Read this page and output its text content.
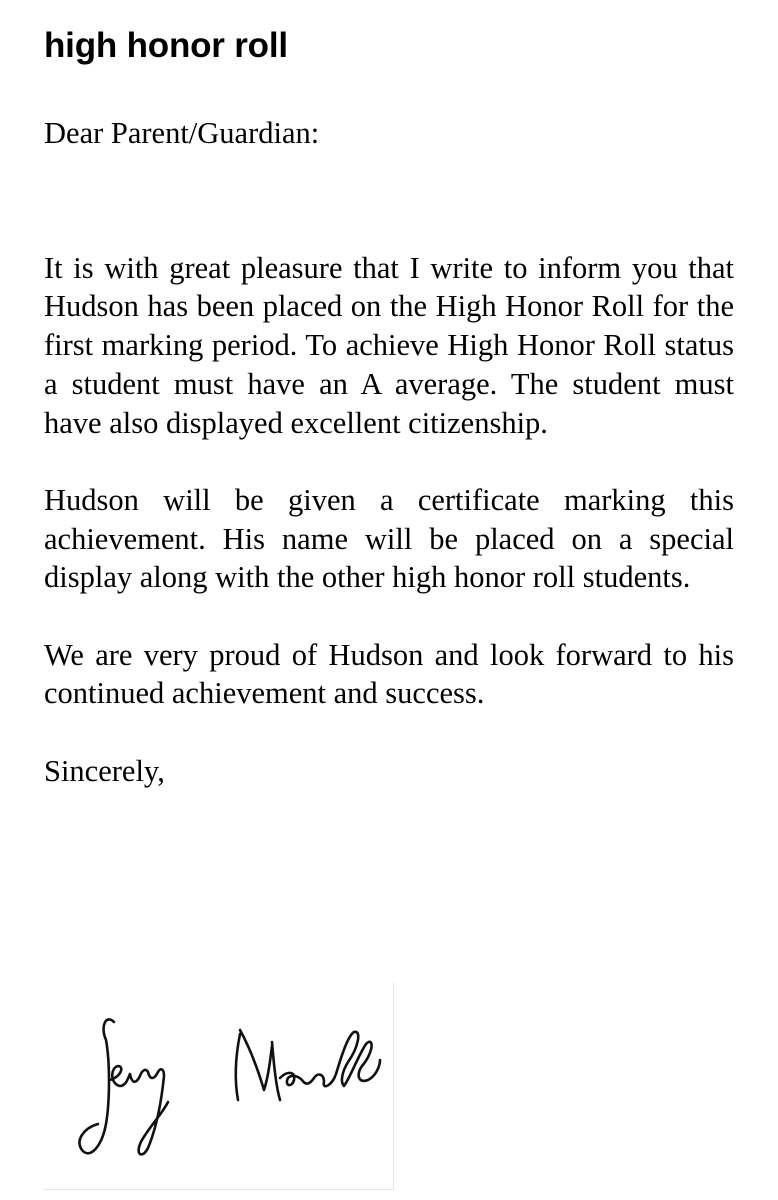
high honor roll

Dear Parent/Guardian:

It is with great pleasure that I write to inform you that Hudson has been placed on the High Honor Roll for the first marking period. To achieve High Honor Roll status a student must have an A average. The student must have also displayed excellent citizenship.

Hudson will be given a certificate marking this achievement. His name will be placed on a special display along with the other high honor roll students.

We are very proud of Hudson and look forward to his continued achievement and success.

Sincerely,
